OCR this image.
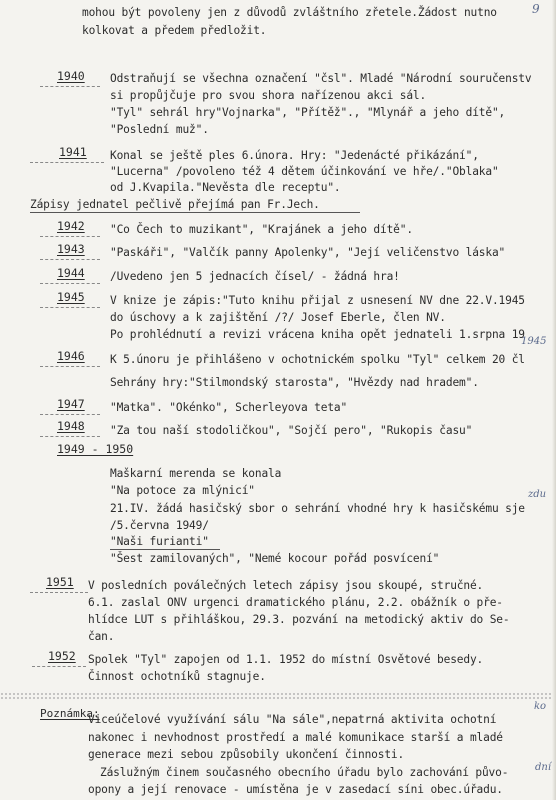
9
mohou být povoleny jen z důvodů zvláštního zřetele.Žádost nutno
kolkovat a předem předložit.
Odstraňují se všechna označení "čsl". Mladé "Národní souručenstv
si propůjčuje pro svou shora nařízenou akci sál.
"Tyl" sehrál hry"Vojnarka", "Přítěž"., "Mlynář a jeho dítě",
"Poslední muž".
Konal se ještě ples 6.února. Hry: "Jedenácté přikázání",
"Lucerna" /povoleno též 4 dětem účinkování ve hře/."Oblaka"
od J.Kvapila."Nevěsta dle receptu".
Zápisy jednatel pečlivě přejímá pan Fr.Jech.
"Co Čech to muzikant", "Krajánek a jeho dítě".
"Paskáři", "Valčík panny Apolenky", "Její veličenstvo láska"
/Uvedeno jen 5 jednacích čísel/ - žádná hra!
V knize je zápis:"Tuto knihu přijal z usnesení NV dne 22.V.1945
do úschovy a k zajištění /?/ Josef Eberle, člen NV.
Po prohlédnutí a revizi vrácena kniha opět jednateli 1.srpna 19
K 5.únoru je přihlášeno v ochotnickém spolku "Tyl" celkem 20 čl
Sehrány hry:"Stilmondský starosta", "Hvězdy nad hradem".
"Matka". "Okénko", Scherleyova teta"
"Za tou naší stodoličkou", "Sojčí pero", "Rukopis času"
Maškarní merenda se konala
"Na potoce za mlýnicí"
21.IV. žádá hasičský sbor o sehrání vhodné hry k hasičskému sje
/5.června 1949/
"Naši furianti"
"Šest zamilovaných", "Nemé kocour pořád posvícení"
V posledních poválečných letech zápisy jsou skoupé, stručné.
6.1. zaslal ONV urgenci dramatického plánu, 2.2. obážník o pře-
hlídce LUT s přihláškou, 29.3. pozvání na metodický aktiv do Se-
čan.
Spolek "Tyl" zapojen od 1.1. 1952 do místní Osvětové besedy.
Činnost ochotníků stagnuje.
Viceúčelové využívání sálu "Na sále",nepatrná aktivita ochotní
nakonec i nevhodnost prostředí a malé komunikace starší a mladé
generace mezi sebou způsobily ukončení činnosti.
Záslužným činem současného obecního úřadu bylo zachování půvo-
opony a její renovace - umístěna je v zasedací síni obec.úřadu.
1940
1941
1942
1943
1944
1945
1946
1947
1948
1949 - 1950
1951
1952
1945
zdu
ko
dní
Poznámka:
